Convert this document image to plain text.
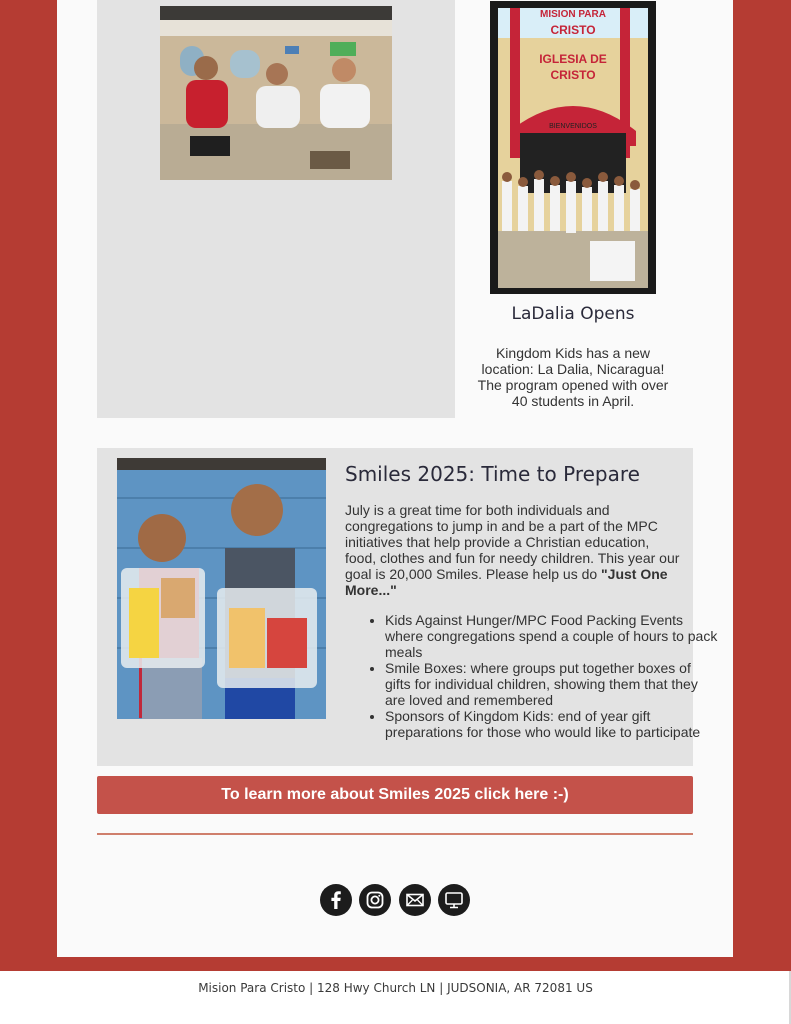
MISION PARA
CRISTO
IGLESIA DE
CRISTO
BIENVENIDOS
LaDalia Opens
Kingdom Kids has a new location: La Dalia, Nicaragua! The program opened with over 40 students in April.
Smiles 2025: Time to Prepare
July is a great time for both individuals and congregations to jump in and be a part of the MPC initiatives that help provide a Christian education, food, clothes and fun for needy children. This year our goal is 20,000 Smiles. Please help us do "Just One More..."
• Kids Against Hunger/MPC Food Packing Events where congregations spend a couple of hours to pack meals
• Smile Boxes: where groups put together boxes of gifts for individual children, showing them that they are loved and remembered
• Sponsors of Kingdom Kids: end of year gift preparations for those who would like to participate
To learn more about Smiles 2025 click here :-)
Mision Para Cristo | 128 Hwy Church LN | JUDSONIA, AR 72081 US
